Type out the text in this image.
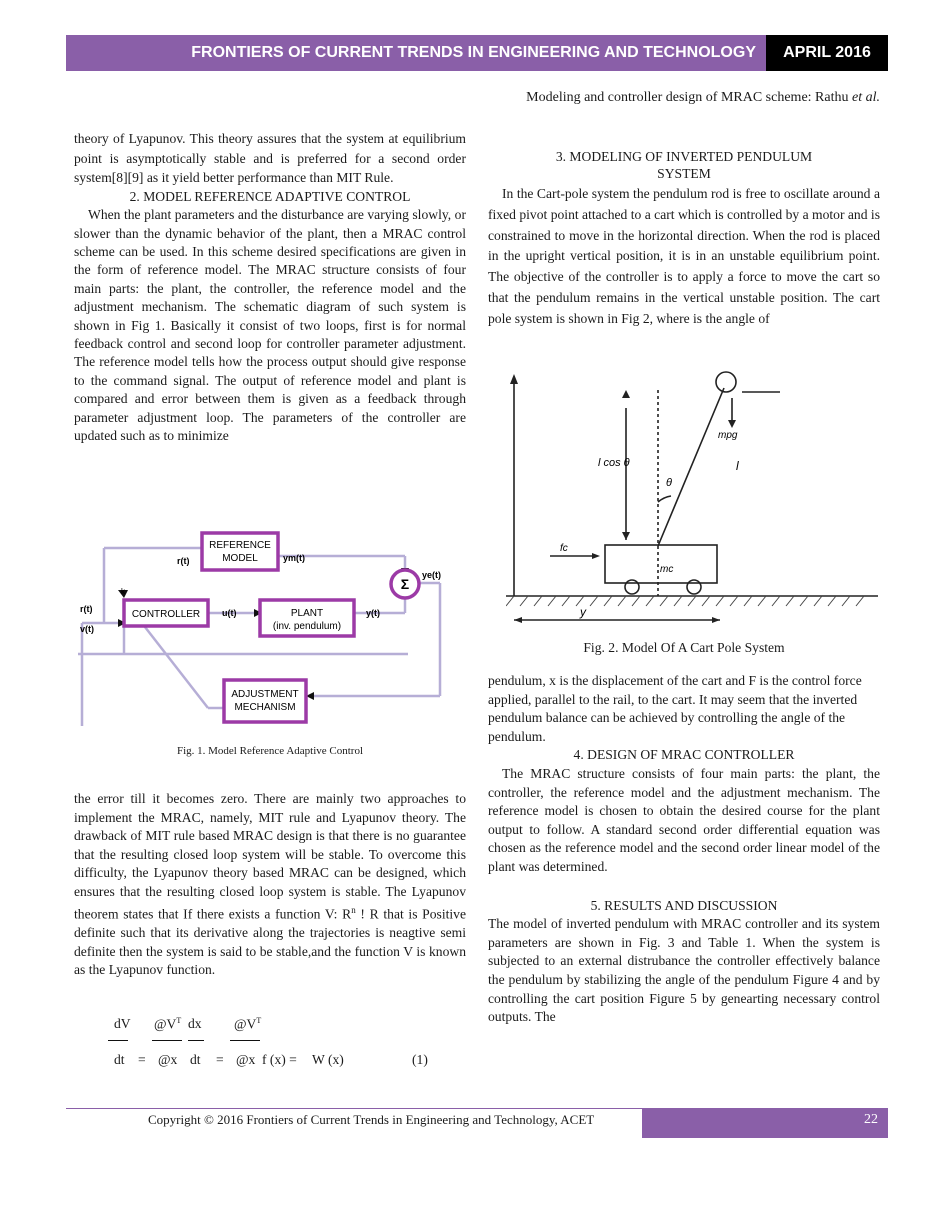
FRONTIERS OF CURRENT TRENDS IN ENGINEERING AND TECHNOLOGY	APRIL 2016
Modeling and controller design of MRAC scheme: Rathu et al.

theory of Lyapunov. This theory assures that the system at equilibrium point is asymptotically stable and is preferred for a second order system[8][9] as it yield better performance than MIT Rule.

2. MODEL REFERENCE ADAPTIVE CONTROL

When the plant parameters and the disturbance are varying slowly, or slower than the dynamic behavior of the plant, then a MRAC control scheme can be used. In this scheme desired specifications are given in the form of reference model. The MRAC structure consists of four main parts: the plant, the controller, the reference model and the adjustment mechanism. The schematic diagram of such system is shown in Fig 1. Basically it consist of two loops, first is for normal feedback control and second loop for controller parameter adjustment. The reference model tells how the process output should give response to the command signal. The output of reference model and plant is compared and error between them is given as a feedback through parameter adjustment loop. The parameters of the controller are updated such as to minimize

REFERENCE
MODEL
CONTROLLER	PLANT
(inv. pendulum)
ADJUSTMENT
MECHANISM
Σ
r(t)	ym(t)
ye(t)
u(t)	y(t)
r(t)
v(t)
k
Fig. 1. Model Reference Adaptive Control

the error till it becomes zero. There are mainly two approaches to implement the MRAC, namely, MIT rule and Lyapunov theory. The drawback of MIT rule based MRAC design is that there is no guarantee that the resulting closed loop system will be stable. To overcome this difficulty, the Lyapunov theory based MRAC can be designed, which ensures that the resulting closed loop system is stable. The Lyapunov theorem states that If there exists a function V: $R^n$ ! R that is Positive definite such that its derivative along the trajectories is neagtive semi definite then the system is said to be stable,and the function V is known as the Lyapunov function.

dV $@V^T$ dx $@V^T$
dt = @x dt = @x f (x) = W (x)	(1)

3. MODELING OF INVERTED PENDULUM SYSTEM

In the Cart-pole system the pendulum rod is free to oscillate around a fixed pivot point attached to a cart which is controlled by a motor and is constrained to move in the horizontal direction. When the rod is placed in the upright vertical position, it is in an unstable equilibrium point. The objective of the controller is to apply a force to move the cart so that the pendulum remains in the vertical unstable position. The cart pole system is shown in Fig 2, where is the angle of

mpg
l
l cos θ
θ
fc
mc
y
Fig. 2. Model Of A Cart Pole System

pendulum, x is the displacement of the cart and F is the control force applied, parallel to the rail, to the cart. It may seem that the inverted pendulum balance can be achieved by controlling the angle of the pendulum.

4. DESIGN OF MRAC CONTROLLER

The MRAC structure consists of four main parts: the plant, the controller, the reference model and the adjustment mechanism. The reference model is chosen to obtain the desired course for the plant output to follow. A standard second order differential equation was chosen as the reference model and the second order linear model of the plant was determined.

5. RESULTS AND DISCUSSION

The model of inverted pendulum with MRAC controller and its system parameters are shown in Fig. 3 and Table 1. When the system is subjected to an external distrubance the controller effectively balance the pendulum by stabilizing the angle of the pendulum Figure 4 and by controlling the cart position Figure 5 by genearting necessary control outputs. The

Copyright © 2016 Frontiers of Current Trends in Engineering and Technology, ACET	22
